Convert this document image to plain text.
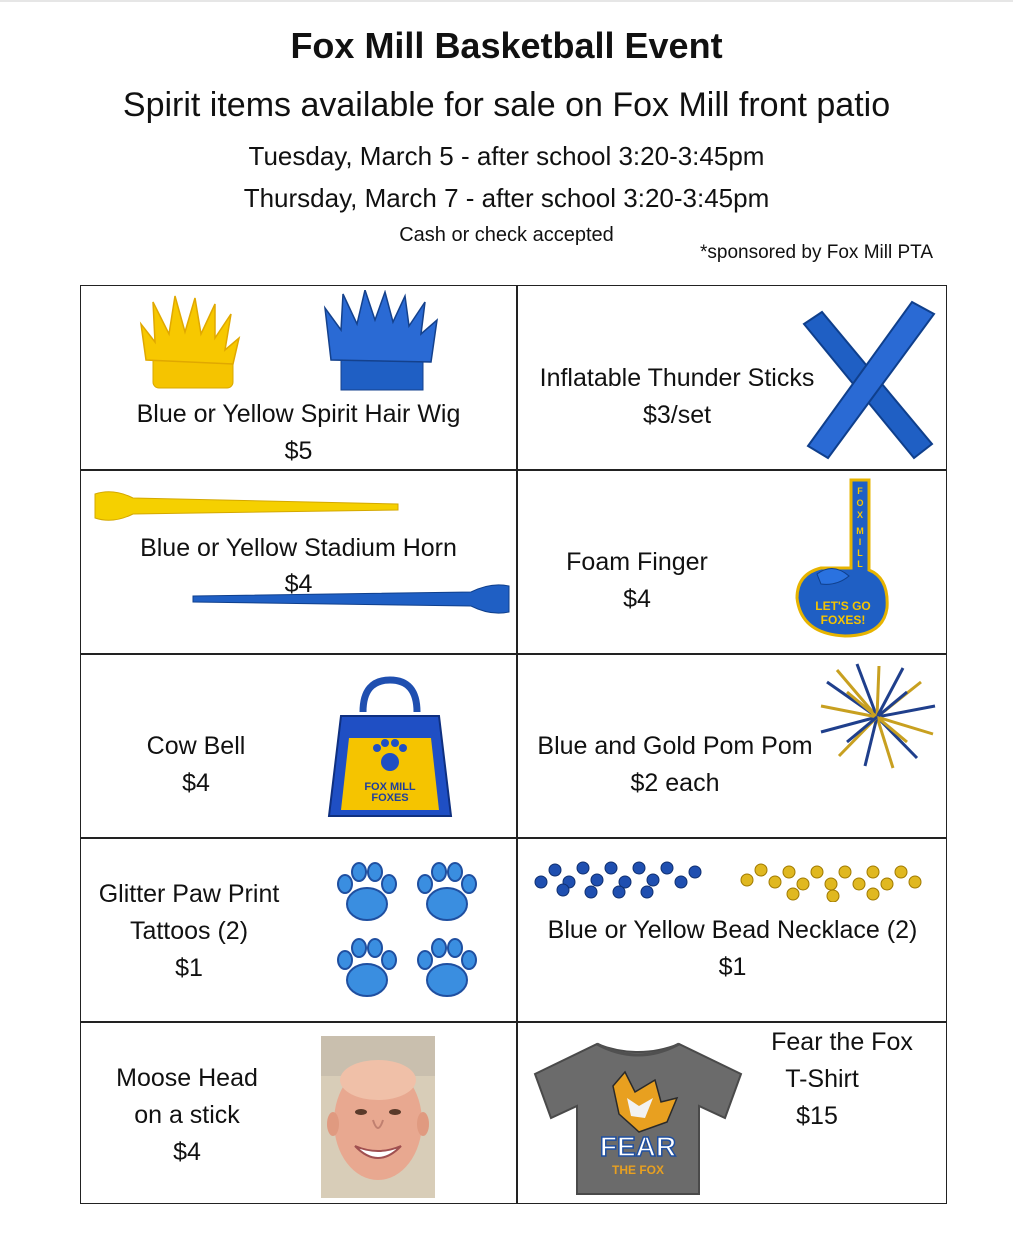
Fox Mill Basketball Event
Spirit items available for sale on Fox Mill front patio
Tuesday, March 5 - after school 3:20-3:45pm
Thursday, March 7 - after school 3:20-3:45pm
Cash or check accepted
*sponsored by Fox Mill PTA
Blue or Yellow Spirit Hair Wig
$5
Inflatable Thunder Sticks
$3/set
Blue or Yellow Stadium Horn
$4
Foam Finger
$4
F
O
X
M
I
L
L
LET'S GO
FOXES!
Cow Bell
$4	FOX MILL
FOXES
Blue and Gold Pom Pom
$2 each
Glitter Paw Print
Tattoos (2)
$1
Blue or Yellow Bead Necklace (2)
$1
Moose Head
on a stick
$4	FEAR
THE FOX
Fear the Fox
T-Shirt
$15
